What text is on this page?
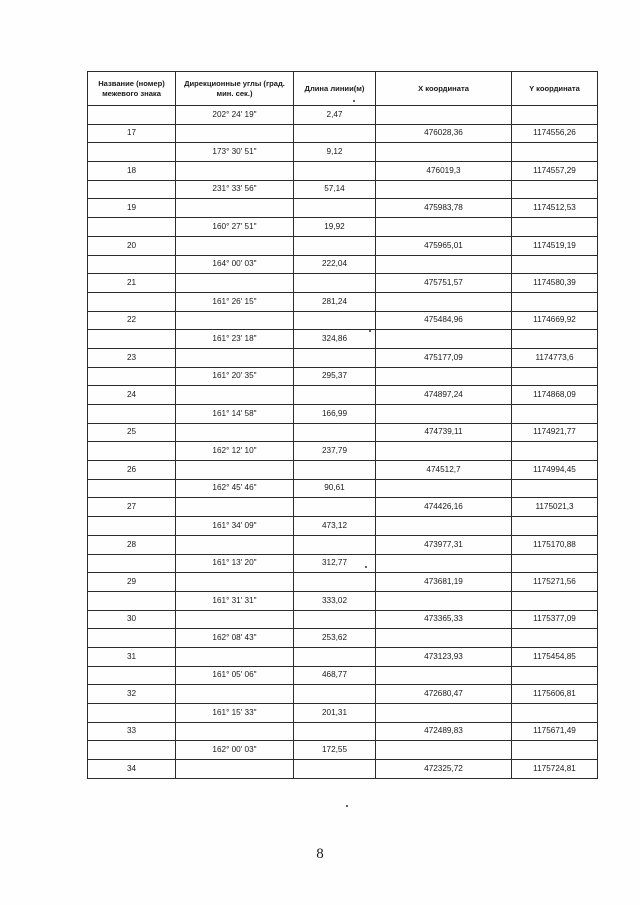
Название (номер) межевого знака	Дирекционные углы (град. мин. сек.)	Длина линии(м)	X координата	Y координата
	202° 24' 19"	2,47		
17			476028,36	1174556,26
	173° 30' 51"	9,12		
18			476019,3	1174557,29
	231° 33' 56"	57,14		
19			475983,78	1174512,53
	160° 27' 51"	19,92		
20			475965,01	1174519,19
	164° 00' 03"	222,04		
21			475751,57	1174580,39
	161° 26' 15"	281,24		
22			475484,96	1174669,92
	161° 23' 18"	324,86		
23			475177,09	1174773,6
	161° 20' 35"	295,37		
24			474897,24	1174868,09
	161° 14' 58"	166,99		
25			474739,11	1174921,77
	162° 12' 10"	237,79		
26			474512,7	1174994,45
	162° 45' 46"	90,61		
27			474426,16	1175021,3
	161° 34' 09"	473,12		
28			473977,31	1175170,88
	161° 13' 20"	312,77		
29			473681,19	1175271,56
	161° 31' 31"	333,02		
30			473365,33	1175377,09
	162° 08' 43"	253,62		
31			473123,93	1175454,85
	161° 05' 06"	468,77		
32			472680,47	1175606,81
	161° 15' 33"	201,31		
33			472489,83	1175671,49
	162° 00' 03"	172,55		
34			472325,72	1175724,81
8
